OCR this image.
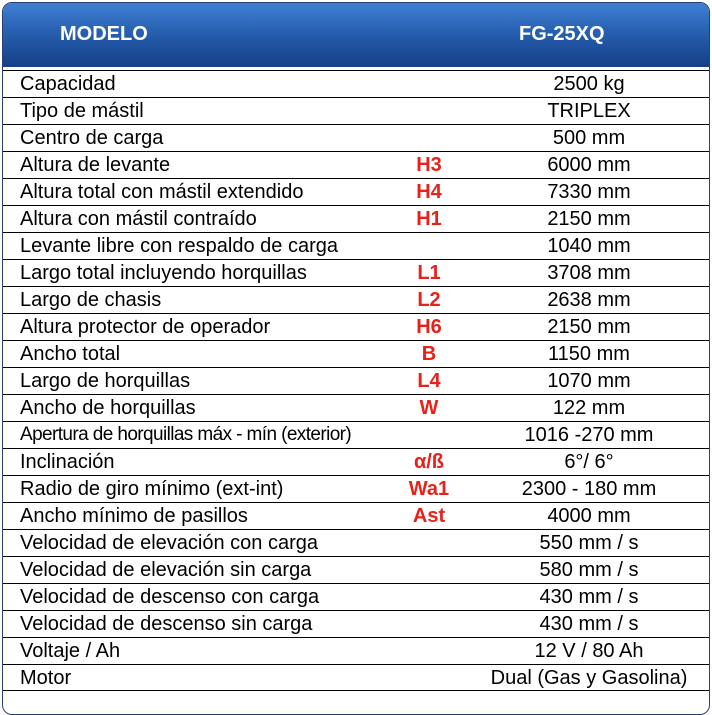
MODELO	FG-25XQ
Capacidad	2500 kg
Tipo de mástil	TRIPLEX
Centro de carga	500 mm
Altura de levante	H3	6000 mm
Altura total con mástil extendido	H4	7330 mm
Altura con mástil contraído	H1	2150 mm
Levante libre con respaldo de carga	1040 mm
Largo total incluyendo horquillas	L1	3708 mm
Largo de chasis	L2	2638 mm
Altura protector de operador	H6	2150 mm
Ancho total	B	1150 mm
Largo de horquillas	L4	1070 mm
Ancho de horquillas	W	122 mm
Apertura de horquillas máx - mín (exterior)	1016 -270 mm
Inclinación	α/ß	6°/ 6°
Radio de giro mínimo (ext-int)	Wa1	2300 - 180 mm
Ancho mínimo de pasillos	Ast	4000 mm
Velocidad de elevación con carga	550 mm / s
Velocidad de elevación sin carga	580 mm / s
Velocidad de descenso con carga	430 mm / s
Velocidad de descenso sin carga	430 mm / s
Voltaje / Ah	12 V / 80 Ah
Motor	Dual (Gas y Gasolina)
